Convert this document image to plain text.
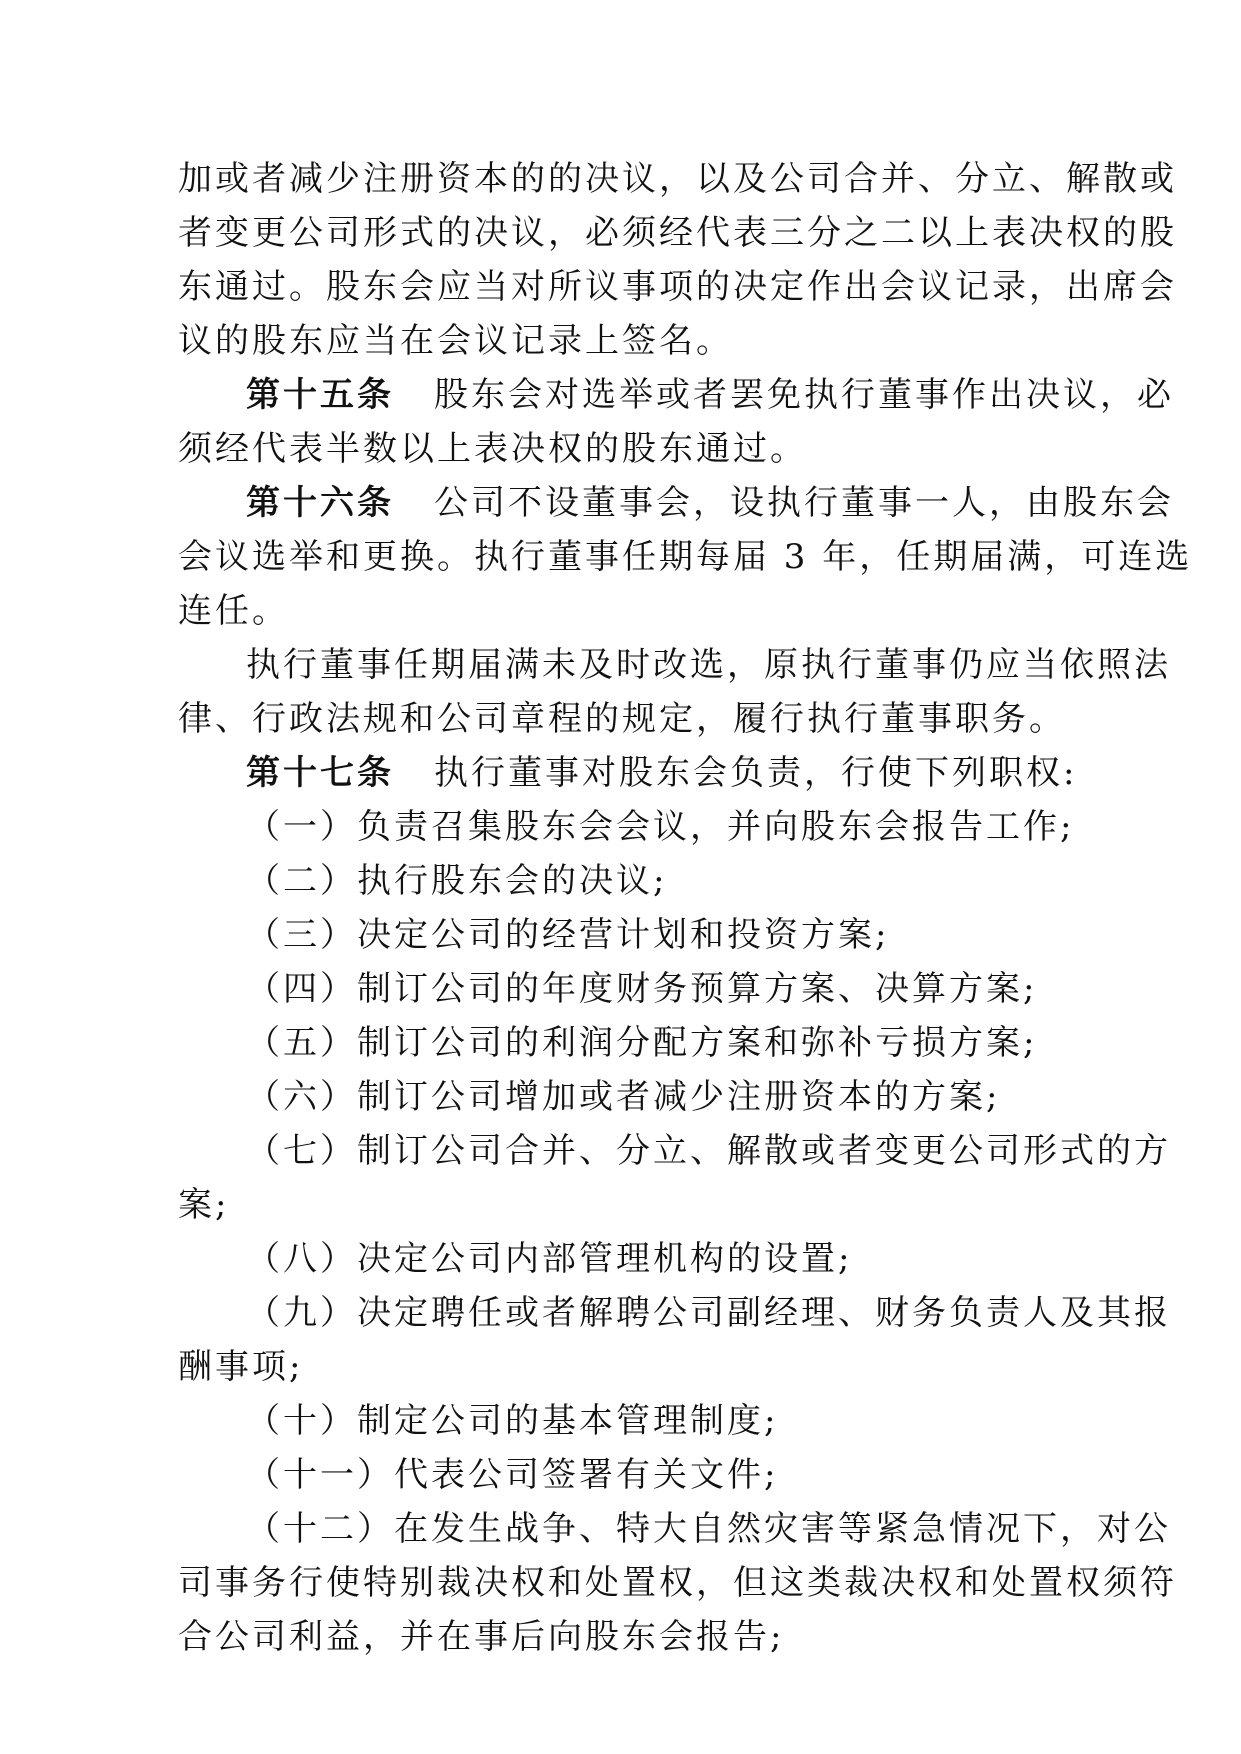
加或者减少注册资本的的决议，以及公司合并、分立、解散或

者变更公司形式的决议，必须经代表三分之二以上表决权的股

东通过。股东会应当对所议事项的决定作出会议记录，出席会

议的股东应当在会议记录上签名。

第十五条 股东会对选举或者罢免执行董事作出决议，必

须经代表半数以上表决权的股东通过。

第十六条 公司不设董事会，设执行董事一人，由股东会

会议选举和更换。执行董事任期每届 3 年，任期届满，可连选

连任。

执行董事任期届满未及时改选，原执行董事仍应当依照法

律、行政法规和公司章程的规定，履行执行董事职务。

第十七条 执行董事对股东会负责，行使下列职权:

（一）负责召集股东会会议，并向股东会报告工作;

（二）执行股东会的决议;

（三）决定公司的经营计划和投资方案;

（四）制订公司的年度财务预算方案、决算方案;

（五）制订公司的利润分配方案和弥补亏损方案;

（六）制订公司增加或者减少注册资本的方案;

（七）制订公司合并、分立、解散或者变更公司形式的方

案;

（八）决定公司内部管理机构的设置;

（九）决定聘任或者解聘公司副经理、财务负责人及其报

酬事项;

（十）制定公司的基本管理制度;

（十一）代表公司签署有关文件;

（十二）在发生战争、特大自然灾害等紧急情况下，对公

司事务行使特别裁决权和处置权，但这类裁决权和处置权须符

合公司利益，并在事后向股东会报告;
